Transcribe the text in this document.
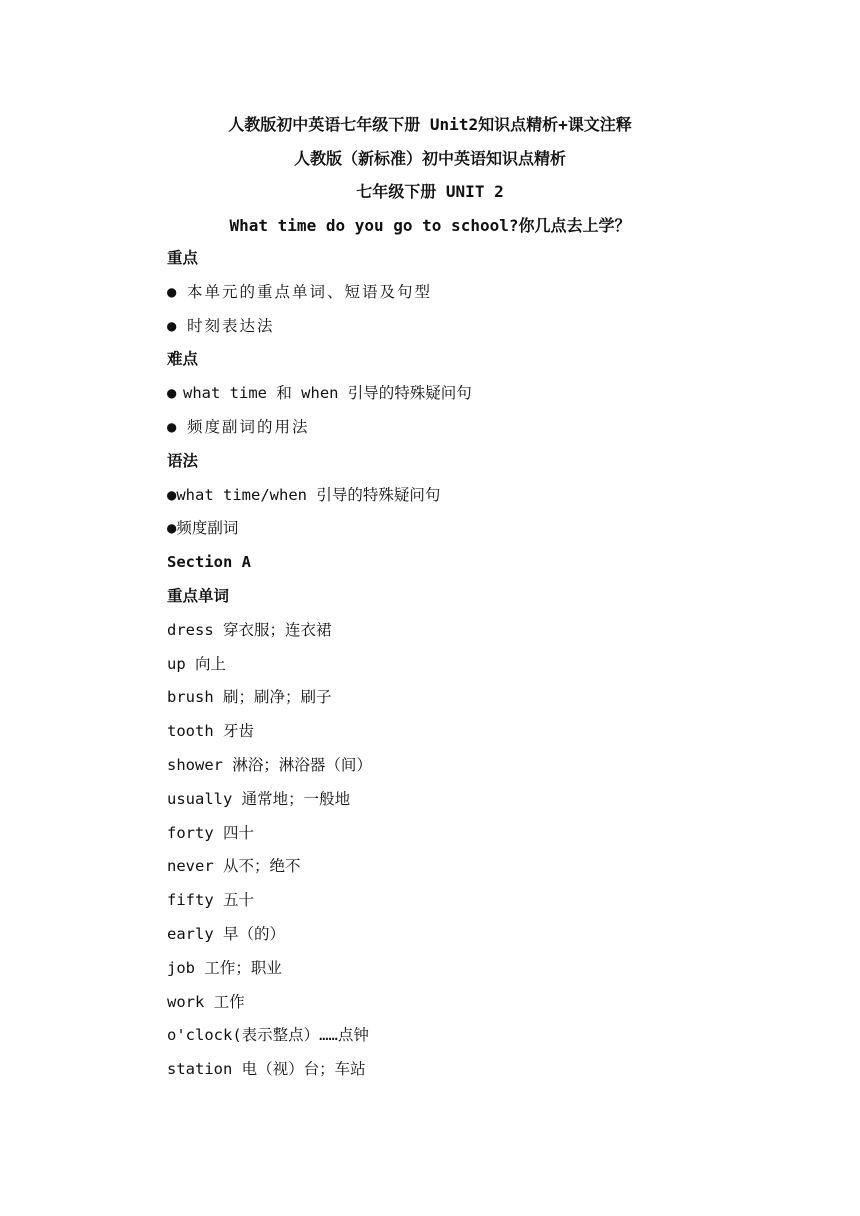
人教版初中英语七年级下册 Unit2知识点精析+课文注释
人教版（新标准）初中英语知识点精析
七年级下册 UNIT 2
What time do you go to school?你几点去上学？
重点
● 本单元的重点单词、短语及句型
● 时刻表达法
难点
● what time 和 when 引导的特殊疑问句
● 频度副词的用法
语法
●what time/when 引导的特殊疑问句
●频度副词
Section A
重点单词
dress 穿衣服；连衣裙
up 向上
brush 刷；刷净；刷子
tooth 牙齿
shower 淋浴；淋浴器（间）
usually 通常地；一般地
forty 四十
never 从不；绝不
fifty 五十
early 早（的）
job 工作；职业
work 工作
o'clock(表示整点）……点钟
station 电（视）台；车站
